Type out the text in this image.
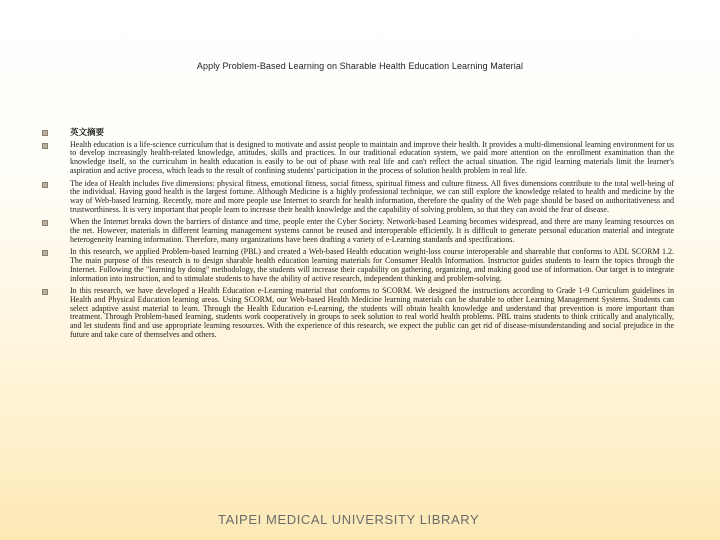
Apply Problem-Based Learning on Sharable Health Education Learning Material
英文摘要
Health education is a life-science curriculum that is designed to motivate and assist people to maintain and improve their health. It provides a multi-dimensional learning environment for us to develop increasingly health-related knowledge, attitudes, skills and practices. In our traditional education system, we paid more attention on the enrollment examination than the knowledge itself, so the curriculum in health education is easily to be out of phase with real life and can't reflect the actual situation. The rigid learning materials limit the learner's aspiration and active process, which leads to the result of confining students' participation in the process of solution health problem in real life.
The idea of Health includes five dimensions: physical fitness, emotional fitness, social fitness, spiritual fitness and culture fitness. All fives dimensions contribute to the total well-being of the individual. Having good health is the largest fortune. Although Medicine is a highly professional technique, we can still explore the knowledge related to health and medicine by the way of Web-based learning. Recently, more and more people use Internet to search for health information, therefore the quality of the Web page should be based on authoritativeness and trustworthiness. It is very important that people learn to increase their health knowledge and the capability of solving problem, so that they can avoid the fear of disease.
When the Internet breaks down the barriers of distance and time, people enter the Cyber Society. Network-based Learning becomes widespread, and there are many learning resources on the net. However, materials in different learning management systems cannot be reused and interoperable efficiently. It is difficult to generate personal education material and integrate heterogeneity learning information. Therefore, many organizations have been drafting a variety of e-Learning standards and specifications.
In this research, we applied Problem-based learning (PBL) and created a Web-based Health education weight-loss course interoperable and shareable that conforms to ADL SCORM 1.2. The main purpose of this research is to design sharable health education learning materials for Consumer Health Information. Instructor guides students to learn the topics through the Internet. Following the "learning by doing" methodology, the students will increase their capability on gathering, organizing, and making good use of information. Our target is to integrate information into instruction, and to stimulate students to have the ability of active research, independent thinking and problem-solving.
In this research, we have developed a Health Education e-Learning material that conforms to SCORM. We designed the instructions according to Grade 1-9 Curriculum guidelines in Health and Physical Education learning areas. Using SCORM, our Web-based Health Medicine learning materials can be sharable to other Learning Management Systems. Students can select adaptive assist material to learn. Through the Health Education e-Learning, the students will obtain health knowledge and understand that prevention is more important than treatment. Through Problem-based learning, students work cooperatively in groups to seek solution to real world health problems. PBL trains students to think critically and analytically, and let students find and use appropriate learning resources. With the experience of this research, we expect the public can get rid of disease-misunderstanding and social prejudice in the future and take care of themselves and others.
TAIPEI MEDICAL UNIVERSITY LIBRARY
